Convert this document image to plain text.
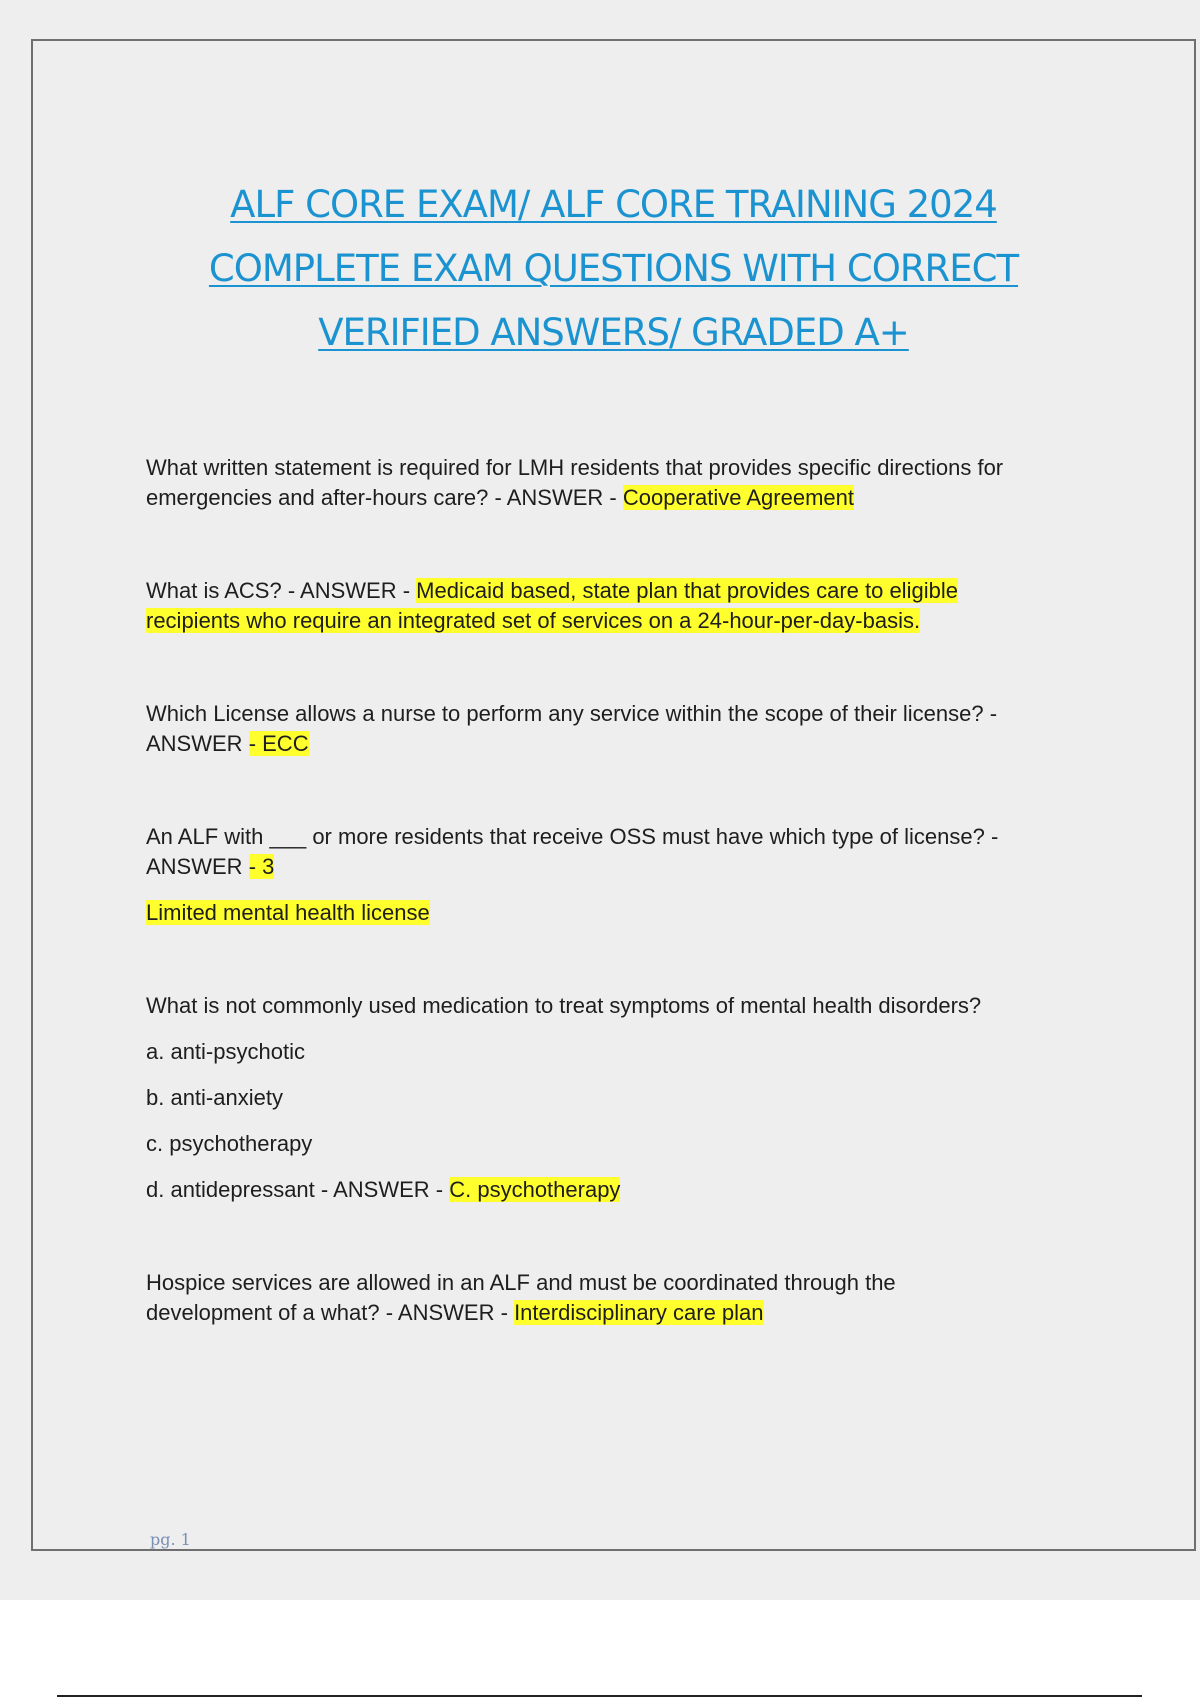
ALF CORE EXAM/ ALF CORE TRAINING 2024
COMPLETE EXAM QUESTIONS WITH CORRECT
VERIFIED ANSWERS/ GRADED A+
What written statement is required for LMH residents that provides specific directions for
emergencies and after-hours care? - ANSWER - Cooperative Agreement
What is ACS? - ANSWER - Medicaid based, state plan that provides care to eligible
recipients who require an integrated set of services on a 24-hour-per-day-basis.
Which License allows a nurse to perform any service within the scope of their license? -
ANSWER - ECC
An ALF with ___ or more residents that receive OSS must have which type of license? -
ANSWER - 3
Limited mental health license
What is not commonly used medication to treat symptoms of mental health disorders?
a. anti-psychotic
b. anti-anxiety
c. psychotherapy
d. antidepressant - ANSWER - C. psychotherapy
Hospice services are allowed in an ALF and must be coordinated through the
development of a what? - ANSWER - Interdisciplinary care plan
pg. 1
